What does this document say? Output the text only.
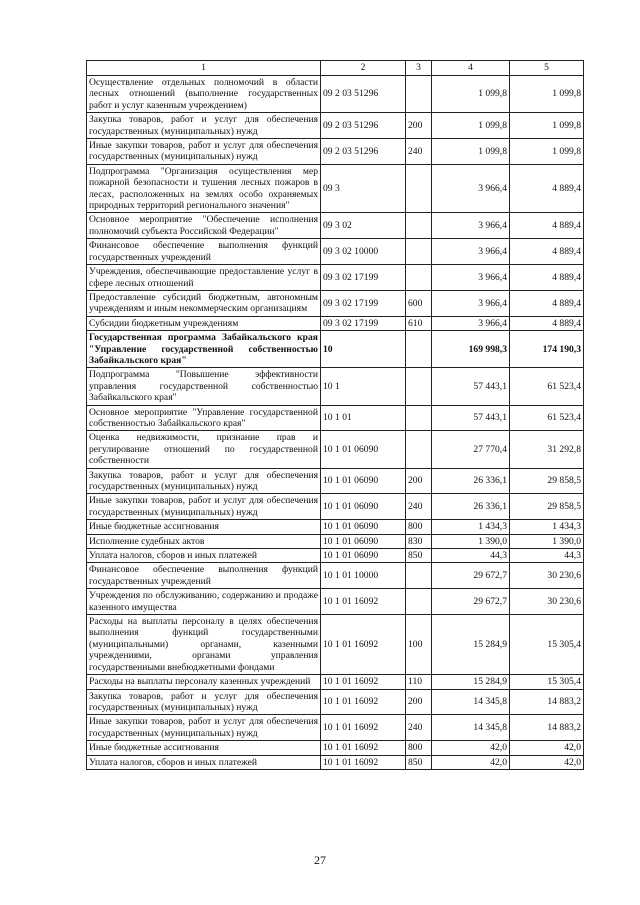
1	2	3	4	5
Осуществление отдельных полномочий в области лесных отношений (выполнение государственных работ и услуг казенным учреждением)	09 2 03 51296		1 099,8	1 099,8
Закупка товаров, работ и услуг для обеспечения государственных (муниципальных) нужд	09 2 03 51296	200	1 099,8	1 099,8
Иные закупки товаров, работ и услуг для обеспечения государственных (муниципальных) нужд	09 2 03 51296	240	1 099,8	1 099,8
Подпрограмма "Организация осуществления мер пожарной безопасности и тушения лесных пожаров в лесах, расположенных на землях особо охраняемых природных территорий регионального значения"	09 3		3 966,4	4 889,4
Основное мероприятие "Обеспечение исполнения полномочий субъекта Российской Федерации"	09 3 02		3 966,4	4 889,4
Финансовое обеспечение выполнения функций государственных учреждений	09 3 02 10000		3 966,4	4 889,4
Учреждения, обеспечивающие предоставление услуг в сфере лесных отношений	09 3 02 17199		3 966,4	4 889,4
Предоставление субсидий бюджетным, автономным учреждениям и иным некоммерческим организациям	09 3 02 17199	600	3 966,4	4 889,4
Субсидии бюджетным учреждениям	09 3 02 17199	610	3 966,4	4 889,4
Государственная программа Забайкальского края "Управление государственной собственностью Забайкальского края"	10		169 998,3	174 190,3
Подпрограмма "Повышение эффективности управления государственной собственностью Забайкальского края"	10 1		57 443,1	61 523,4
Основное мероприятие "Управление государственной собственностью Забайкальского края"	10 1 01		57 443,1	61 523,4
Оценка недвижимости, признание прав и регулирование отношений по государственной собственности	10 1 01 06090		27 770,4	31 292,8
Закупка товаров, работ и услуг для обеспечения государственных (муниципальных) нужд	10 1 01 06090	200	26 336,1	29 858,5
Иные закупки товаров, работ и услуг для обеспечения государственных (муниципальных) нужд	10 1 01 06090	240	26 336,1	29 858,5
Иные бюджетные ассигнования	10 1 01 06090	800	1 434,3	1 434,3
Исполнение судебных актов	10 1 01 06090	830	1 390,0	1 390,0
Уплата налогов, сборов и иных платежей	10 1 01 06090	850	44,3	44,3
Финансовое обеспечение выполнения функций государственных учреждений	10 1 01 10000		29 672,7	30 230,6
Учреждения по обслуживанию, содержанию и продаже казенного имущества	10 1 01 16092		29 672,7	30 230,6
Расходы на выплаты персоналу в целях обеспечения выполнения функций государственными (муниципальными) органами, казенными учреждениями, органами управления государственными внебюджетными фондами	10 1 01 16092	100	15 284,9	15 305,4
Расходы на выплаты персоналу казенных учреждений	10 1 01 16092	110	15 284,9	15 305,4
Закупка товаров, работ и услуг для обеспечения государственных (муниципальных) нужд	10 1 01 16092	200	14 345,8	14 883,2
Иные закупки товаров, работ и услуг для обеспечения государственных (муниципальных) нужд	10 1 01 16092	240	14 345,8	14 883,2
Иные бюджетные ассигнования	10 1 01 16092	800	42,0	42,0
Уплата налогов, сборов и иных платежей	10 1 01 16092	850	42,0	42,0
27
